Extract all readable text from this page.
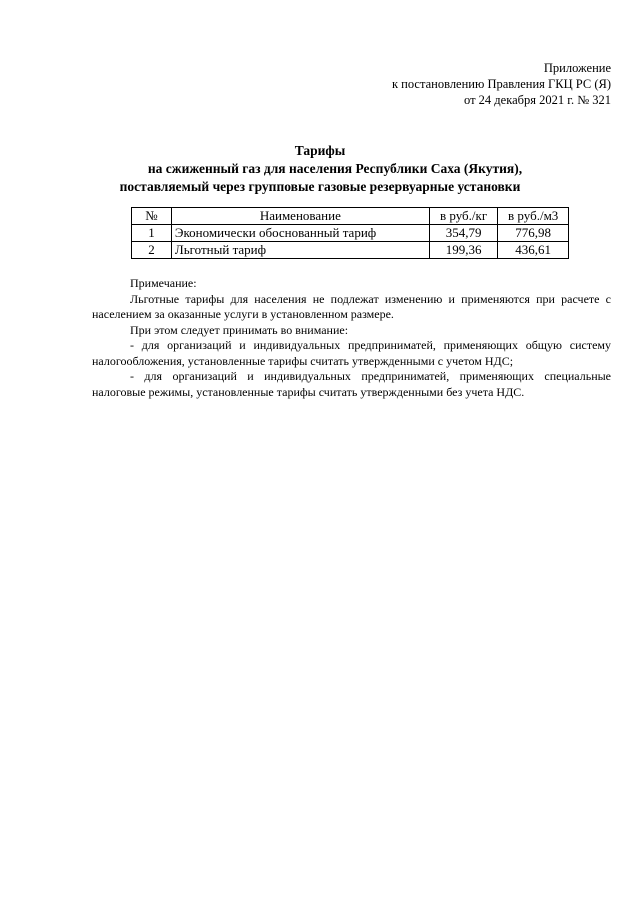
Приложение
к постановлению Правления ГКЦ РС (Я)
от 24 декабря 2021 г. № 321
Тарифы
на сжиженный газ для населения Республики Саха (Якутия),
поставляемый через групповые газовые резервуарные установки
№	Наименование	в руб./кг	в руб./м3
1	Экономически обоснованный тариф	354,79	776,98
2	Льготный тариф	199,36	436,61

Примечание:

Льготные тарифы для населения не подлежат изменению и применяются при расчете с населением за оказанные услуги в установленном размере.

При этом следует принимать во внимание:

- для организаций и индивидуальных предприниматей, применяющих общую систему налогообложения, установленные тарифы считать утвержденными с учетом НДС;

- для организаций и индивидуальных предприниматей, применяющих специальные налоговые режимы, установленные тарифы считать утвержденными без учета НДС.
